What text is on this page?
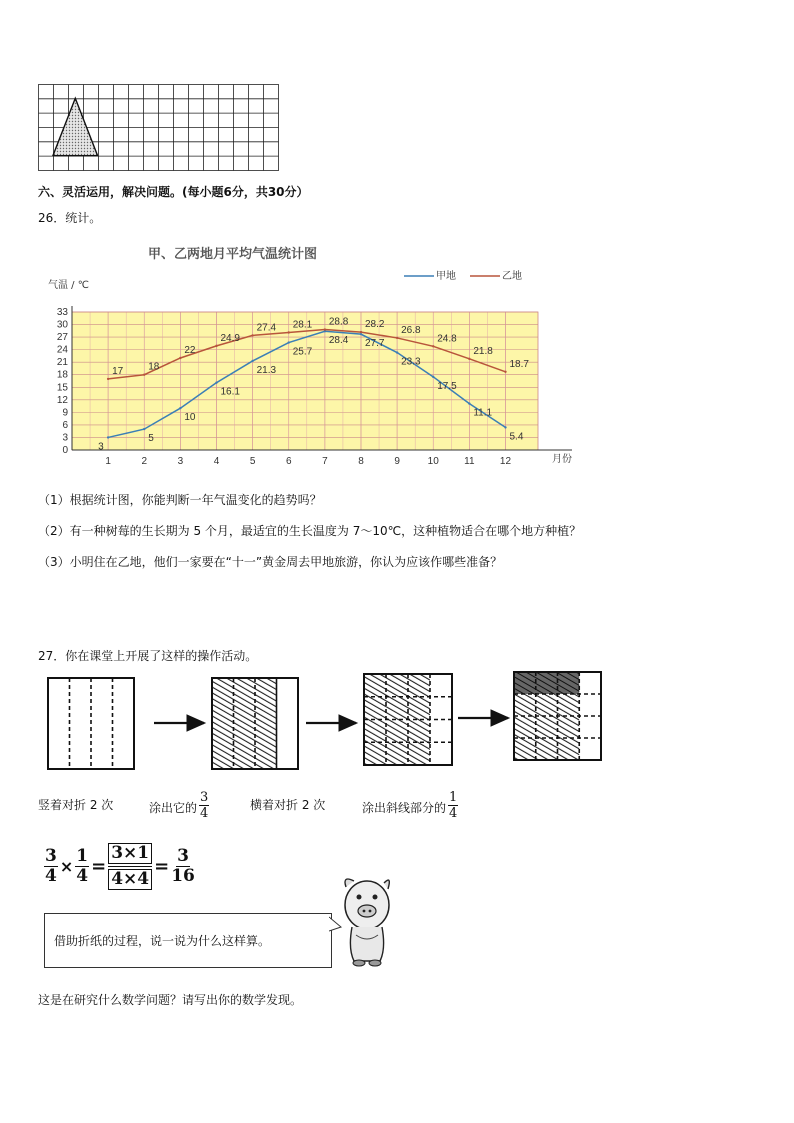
六、灵活运用，解决问题。(每小题6分，共30分）
26．统计。
甲、乙两地月平均气温统计图
气温 / ℃
0
3
6
9
12
15
18
21
24
27
30
33
1	2	3	4	5	6	7	8	9	10	11	12	月份
甲地	乙地
3
5
10
16.1
21.3
25.7
28.4 27.7
23.3
17.5
11.1
5.4
17 18
22
24.9
27.4 28.1 28.8 28.2
26.8
24.8
21.8
18.7
（1）根据统计图，你能判断一年气温变化的趋势吗？
（2）有一种树莓的生长期为 5 个月，最适宜的生长温度为 7～10℃，这种植物适合在哪个地方种植？
（3）小明住在乙地，他们一家要在“十一”黄金周去甲地旅游，你认为应该作哪些准备？
27．你在课堂上开展了这样的操作活动。
竖着对折 2 次	涂出它的 $\frac{3}{4}$	横着对折 2 次	涂出斜线部分的 $\frac{1}{4}$
$\frac{3}{4} \times \frac{1}{4} = \frac{3\times 1}{4\times 4} = \frac{3}{16}$
借助折纸的过程，说一说为什么这样算。
这是在研究什么数学问题？请写出你的数学发现。
